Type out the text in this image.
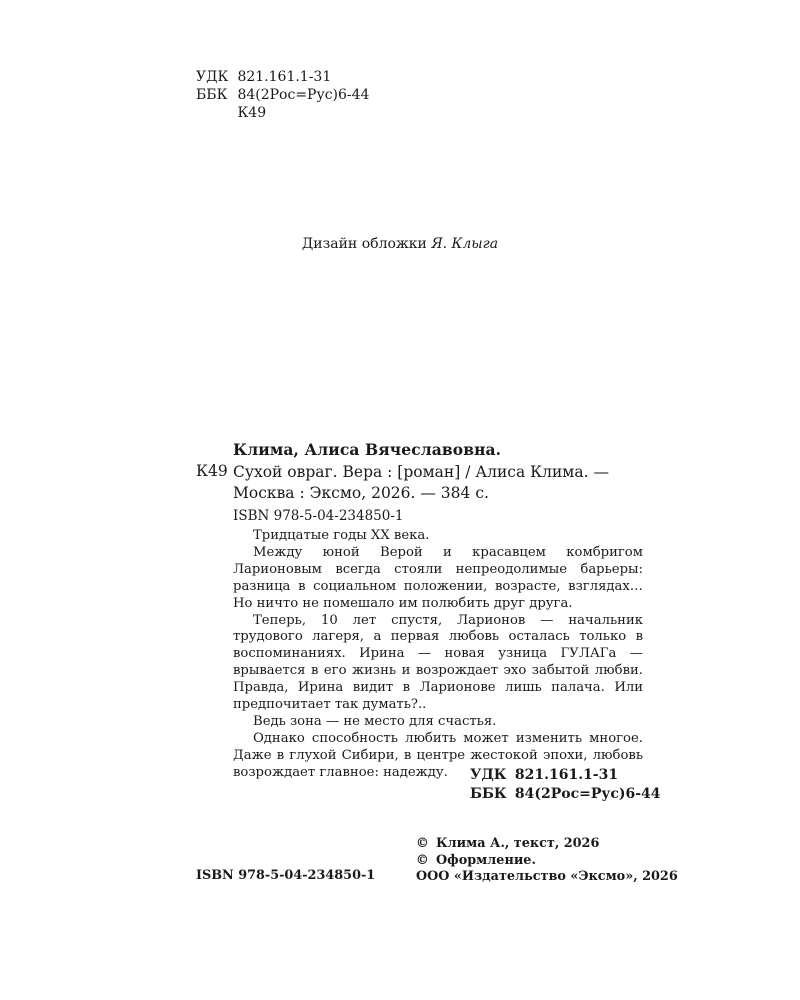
УДК 821.161.1-31
ББК 84(2Рос=Рус)6-44
К49
Дизайн обложки Я. Клыга
Клима, Алиса Вячеславовна.
К49 Сухой овраг. Вера : [роман] / Алиса Клима. — Москва : Эксмо, 2026. — 384 с.
ISBN 978-5-04-234850-1

Тридцатые годы XX века.

Между юной Верой и красавцем комбригом Ларионовым всегда стояли непреодолимые барьеры: разница в социальном положении, возрасте, взглядах… Но ничто не помешало им полюбить друг друга.

Теперь, 10 лет спустя, Ларионов — начальник трудового лагеря, а первая любовь осталась только в воспоминаниях. Ирина — новая узница ГУЛАГа — врывается в его жизнь и возрождает эхо забытой любви. Правда, Ирина видит в Ларионове лишь палача. Или предпочитает так думать?..

Ведь зона — не место для счастья.

Однако способность любить может изменить многое. Даже в глухой Сибири, в центре жестокой эпохи, любовь возрождает главное: надежду.	УДК 821.161.1-31
ББК 84(2Рос=Рус)6-44
© Клима А., текст, 2026
© Оформление.
ООО «Издательство «Эксмо», 2026
ISBN 978-5-04-234850-1
